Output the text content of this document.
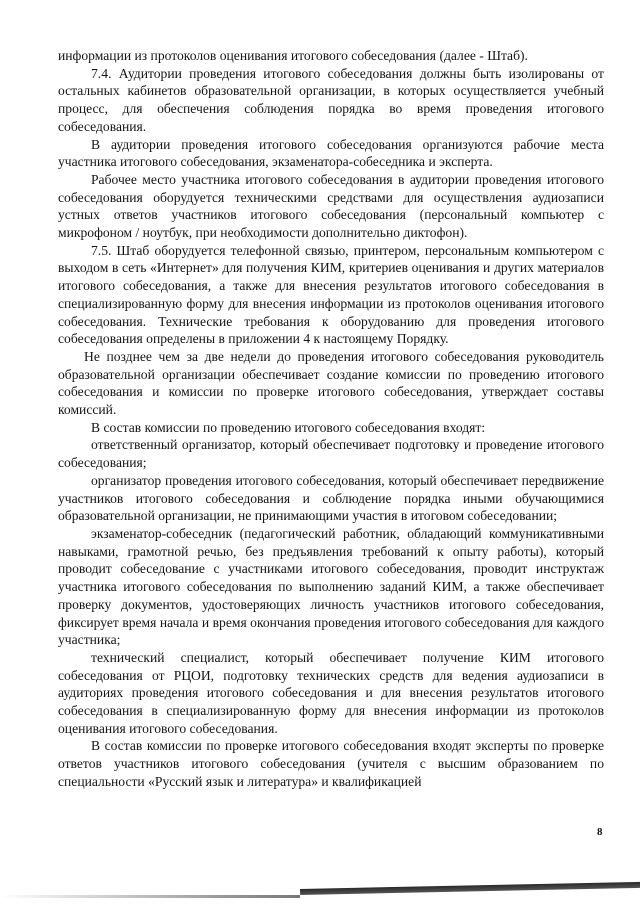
информации из протоколов оценивания итогового собеседования (далее - Штаб).

7.4. Аудитории проведения итогового собеседования должны быть изолированы от остальных кабинетов образовательной организации, в которых осуществляется учебный процесс, для обеспечения соблюдения порядка во время проведения итогового собеседования.

В аудитории проведения итогового собеседования организуются рабочие места участника итогового собеседования, экзаменатора-собеседника и эксперта.

Рабочее место участника итогового собеседования в аудитории проведения итогового собеседования оборудуется техническими средствами для осуществления аудиозаписи устных ответов участников итогового собеседования (персональный компьютер с микрофоном / ноутбук, при необходимости дополнительно диктофон).

7.5. Штаб оборудуется телефонной связью, принтером, персональным компьютером с выходом в сеть «Интернет» для получения КИМ, критериев оценивания и других материалов итогового собеседования, а также для внесения результатов итогового собеседования в специализированную форму для внесения информации из протоколов оценивания итогового собеседования. Технические требования к оборудованию для проведения итогового собеседования определены в приложении 4 к настоящему Порядку.

Не позднее чем за две недели до проведения итогового собеседования руководитель образовательной организации обеспечивает создание комиссии по проведению итогового собеседования и комиссии по проверке итогового собеседования, утверждает составы комиссий.

В состав комиссии по проведению итогового собеседования входят:

ответственный организатор, который обеспечивает подготовку и проведение итогового собеседования;

организатор проведения итогового собеседования, который обеспечивает передвижение участников итогового собеседования и соблюдение порядка иными обучающимися образовательной организации, не принимающими участия в итоговом собеседовании;

экзаменатор-собеседник (педагогический работник, обладающий коммуникативными навыками, грамотной речью, без предъявления требований к опыту работы), который проводит собеседование с участниками итогового собеседования, проводит инструктаж участника итогового собеседования по выполнению заданий КИМ, а также обеспечивает проверку документов, удостоверяющих личность участников итогового собеседования, фиксирует время начала и время окончания проведения итогового собеседования для каждого участника;

технический специалист, который обеспечивает получение КИМ итогового собеседования от РЦОИ, подготовку технических средств для ведения аудиозаписи в аудиториях проведения итогового собеседования и для внесения результатов итогового собеседования в специализированную форму для внесения информации из протоколов оценивания итогового собеседования.

В состав комиссии по проверке итогового собеседования входят эксперты по проверке ответов участников итогового собеседования (учителя с высшим образованием по специальности «Русский язык и литература» и квалификацией

8
